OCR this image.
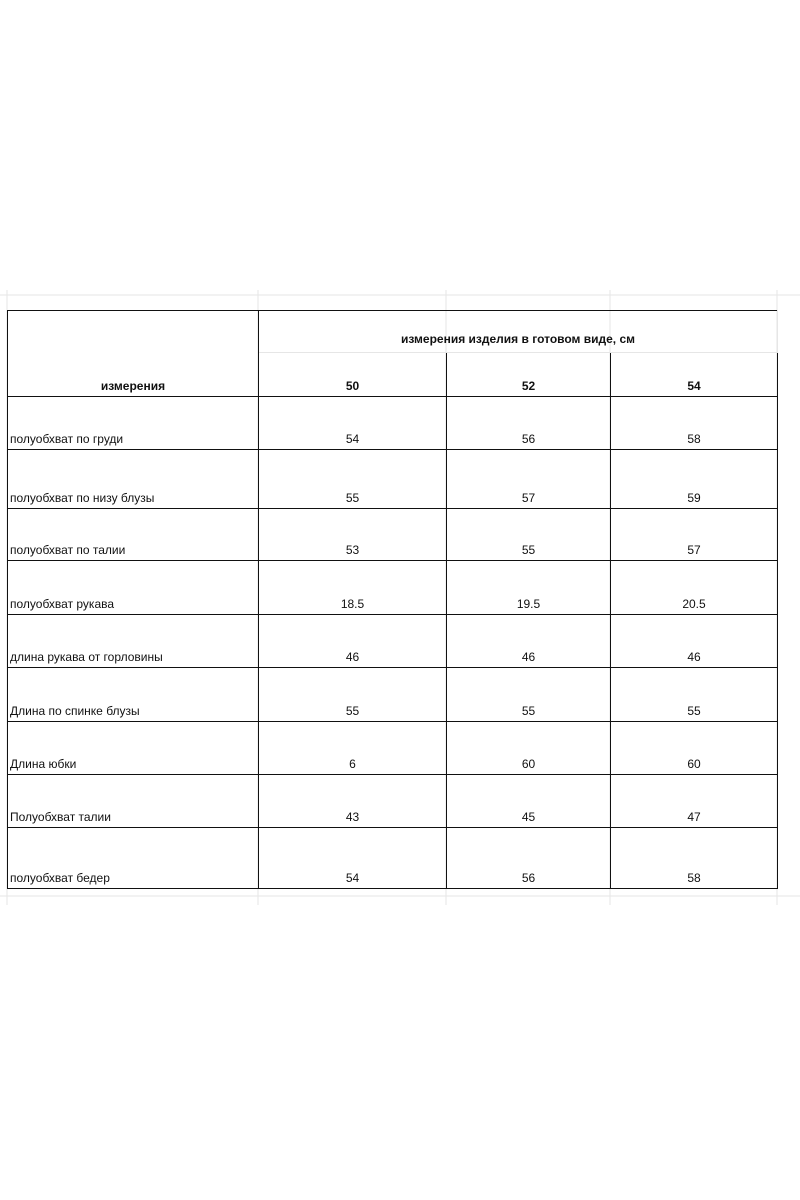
измерения	измерения изделия в готовом виде, см		
	50	52	54
полуобхват по груди	54	56	58
полуобхват по низу блузы	55	57	59
полуобхват по талии	53	55	57
полуобхват рукава	18.5	19.5	20.5
длина рукава от горловины	46	46	46
Длина по спинке блузы	55	55	55
Длина юбки	6	60	60
Полуобхват талии	43	45	47
полуобхват бедер	54	56	58
